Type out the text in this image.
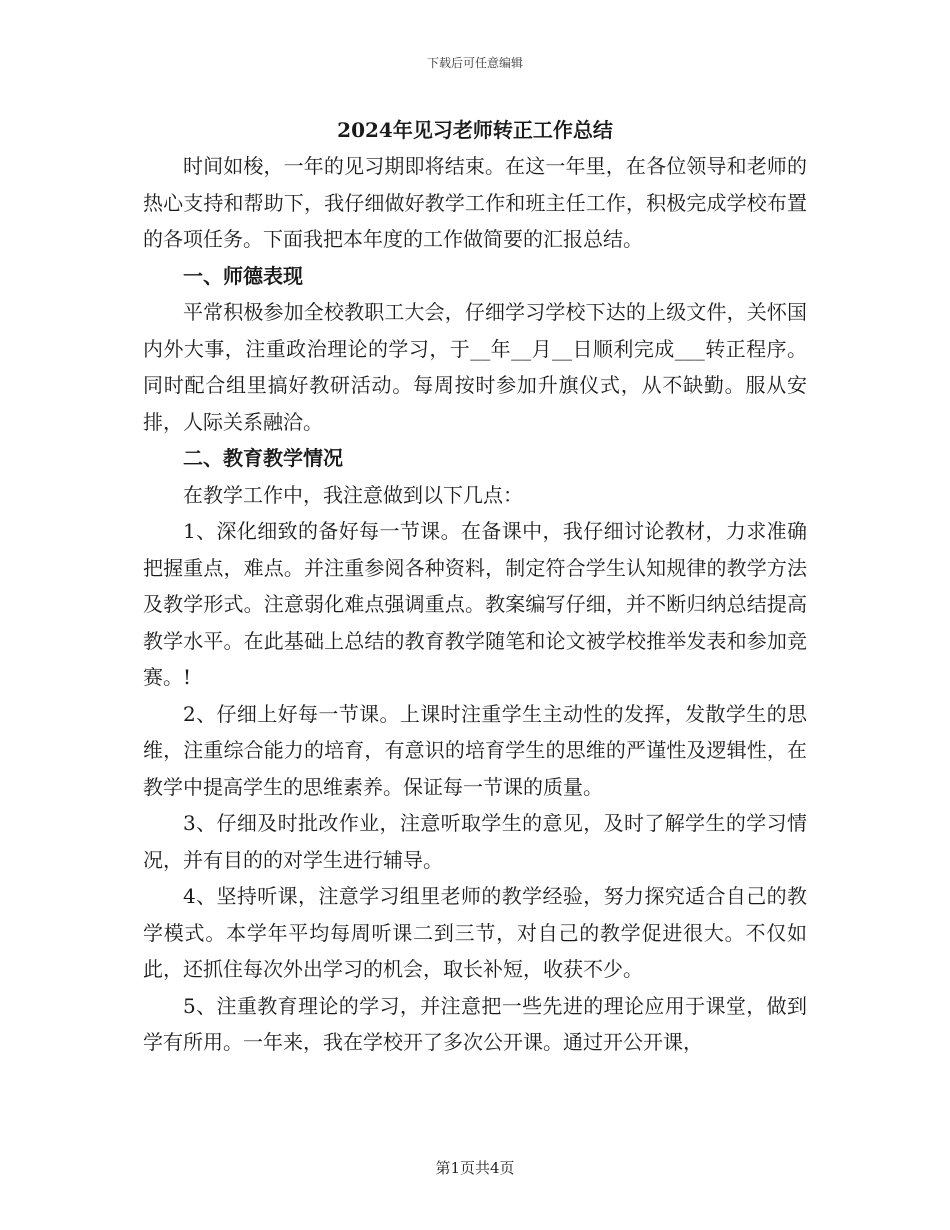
下载后可任意编辑
2024年见习老师转正工作总结

时间如梭，一年的见习期即将结束。在这一年里，在各位领导和老师的热心支持和帮助下，我仔细做好教学工作和班主任工作，积极完成学校布置的各项任务。下面我把本年度的工作做简要的汇报总结。

一、师德表现

平常积极参加全校教职工大会，仔细学习学校下达的上级文件，关怀国内外大事，注重政治理论的学习，于__年__月__日顺利完成___转正程序。同时配合组里搞好教研活动。每周按时参加升旗仪式，从不缺勤。服从安排，人际关系融洽。

二、教育教学情况

在教学工作中，我注意做到以下几点：

1、深化细致的备好每一节课。在备课中，我仔细讨论教材，力求准确把握重点，难点。并注重参阅各种资料，制定符合学生认知规律的教学方法及教学形式。注意弱化难点强调重点。教案编写仔细，并不断归纳总结提高教学水平。在此基础上总结的教育教学随笔和论文被学校推举发表和参加竞赛。!

2、仔细上好每一节课。上课时注重学生主动性的发挥，发散学生的思维，注重综合能力的培育，有意识的培育学生的思维的严谨性及逻辑性，在教学中提高学生的思维素养。保证每一节课的质量。

3、仔细及时批改作业，注意听取学生的意见，及时了解学生的学习情况，并有目的的对学生进行辅导。

4、坚持听课，注意学习组里老师的教学经验，努力探究适合自己的教学模式。本学年平均每周听课二到三节，对自己的教学促进很大。不仅如此，还抓住每次外出学习的机会，取长补短，收获不少。

5、注重教育理论的学习，并注意把一些先进的理论应用于课堂，做到学有所用。一年来，我在学校开了多次公开课。通过开公开课，

第1页共4页
